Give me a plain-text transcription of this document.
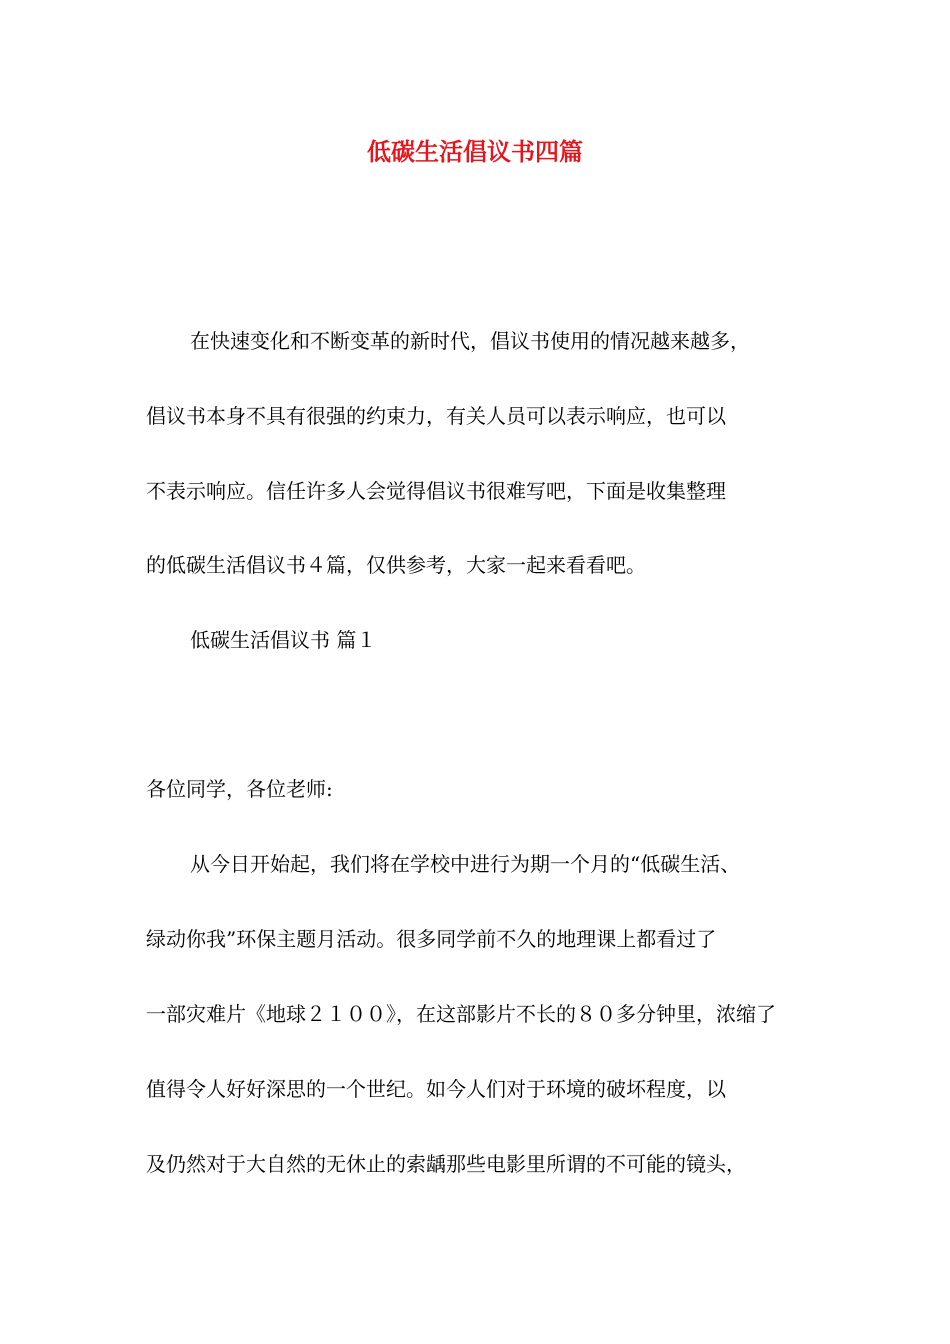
低碳生活倡议书四篇
在快速变化和不断变革的新时代，倡议书使用的情况越来越多，
倡议书本身不具有很强的约束力，有关人员可以表示响应，也可以
不表示响应。信任许多人会觉得倡议书很难写吧，下面是收集整理
的低碳生活倡议书４篇，仅供参考，大家一起来看看吧。
低碳生活倡议书 篇１
各位同学，各位老师:
从今日开始起，我们将在学校中进行为期一个月的“低碳生活、
绿动你我”环保主题月活动。很多同学前不久的地理课上都看过了
一部灾难片《地球２１００》，在这部影片不长的８０多分钟里，浓缩了
值得令人好好深思的一个世纪。如今人们对于环境的破坏程度，以
及仍然对于大自然的无休止的索龋那些电影里所谓的不可能的镜头，
